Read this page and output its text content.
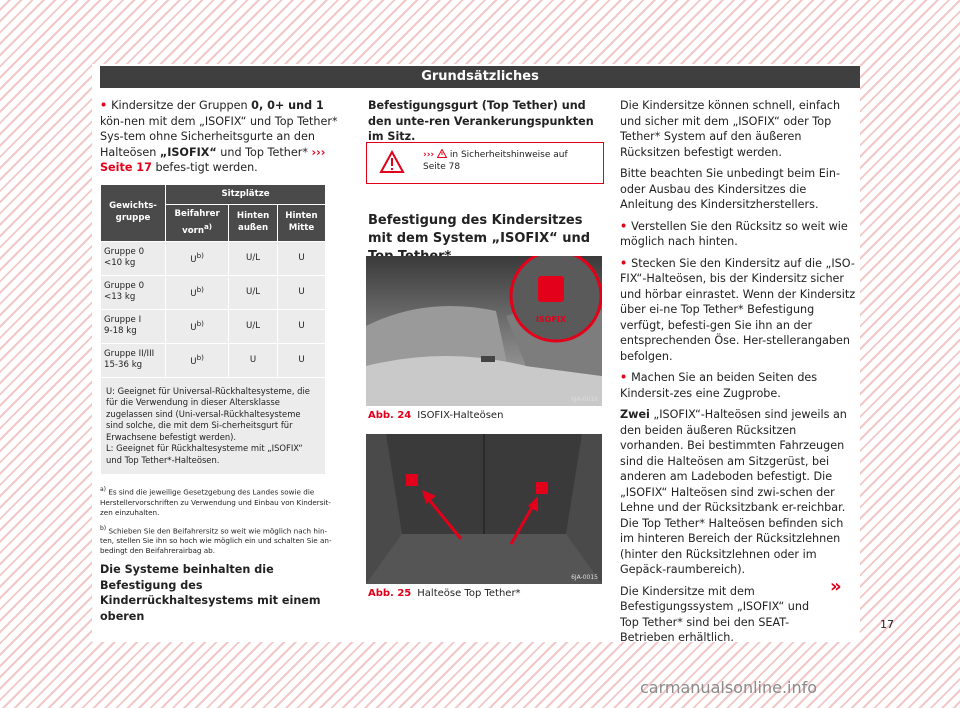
Grundsätzliches

• Kindersitze der Gruppen 0, 0+ und 1 kön-nen mit dem „ISOFIX“ und Top Tether* Sys-tem ohne Sicherheitsgurte an den Halteösen „ISOFIX“ und Top Tether* ››› Seite 17 befes-tigt werden.

Gewichts-gruppe	Sitzplätze		
	Beifahrer vorn$^{a)}$	Hinten außen	Hinten Mitte
Gruppe 0
<10 kg	$U^{b)}$	U/L	U
Gruppe 0
<13 kg	$U^{b)}$	U/L	U
Gruppe I
9-18 kg	$U^{b)}$	U/L	U
Gruppe II/III
15-36 kg	$U^{b)}$	U	U
U: Geeignet für Universal-Rückhaltesysteme, die für die Verwendung in dieser Altersklasse zugelassen sind (Uni-versal-Rückhaltesysteme sind solche, die mit dem Si-cherheitsgurt für Erwachsene befestigt werden).
L: Geeignet für Rückhaltesysteme mit „ISOFIX“ und Top Tether*-Halteösen.			

$^{a)}$ Es sind die jeweilige Gesetzgebung des Landes sowie die Herstellervorschriften zu Verwendung und Einbau von Kindersit-zen einzuhalten.

$^{b)}$ Schieben Sie den Beifahrersitz so weit wie möglich nach hin-ten, stellen Sie ihn so hoch wie möglich ein und schalten Sie an-bedingt den Beifahrerairbag ab.

Die Systeme beinhalten die Befestigung des Kinderrückhaltesystems mit einem oberen

Befestigungsgurt (Top Tether) und den unte-ren Verankerungspunkten im Sitz.

›››  in Sicherheitshinweise auf
Seite 78
Befestigung des Kindersitzes mit dem System „ISOFIX“ und
ISOFIX
6JA-0016
Abb. 24 ISOFIX-Halteösen
6JA-0015
Abb. 25 Halteöse Top Tether*

Die Kindersitze können schnell, einfach und sicher mit dem „ISOFIX“ oder Top Tether* System auf den äußeren Rücksitzen befestigt werden.

Bitte beachten Sie unbedingt beim Ein- oder Ausbau des Kindersitzes die Anleitung des Kindersitzherstellers.

• Verstellen Sie den Rücksitz so weit wie möglich nach hinten.

• Stecken Sie den Kindersitz auf die „ISO-FIX“-Halteösen, bis der Kindersitz sicher und hörbar einrastet. Wenn der Kindersitz über ei-ne Top Tether* Befestigung verfügt, befesti-gen Sie ihn an der entsprechenden Öse. Her-stellerangaben befolgen.

• Machen Sie an beiden Seiten des Kindersit-zes eine Zugprobe.

Zwei „ISOFIX“-Halteösen sind jeweils an den beiden äußeren Rücksitzen vorhanden. Bei bestimmten Fahrzeugen sind die Halteösen am Sitzgerüst, bei anderen am Ladeboden befestigt. Die „ISOFIX“ Halteösen sind zwi-schen der Lehne und der Rücksitzbank er-reichbar. Die Top Tether* Halteösen befinden sich im hinteren Bereich der Rücksitzlehnen (hinter den Rücksitzlehnen oder im Gepäck-raumbereich).

Die Kindersitze mit dem Befestigungssystem „ISOFIX“ und Top Tether* sind bei den SEAT-Betrieben erhältlich.

»
17
carmanualsonline.info
